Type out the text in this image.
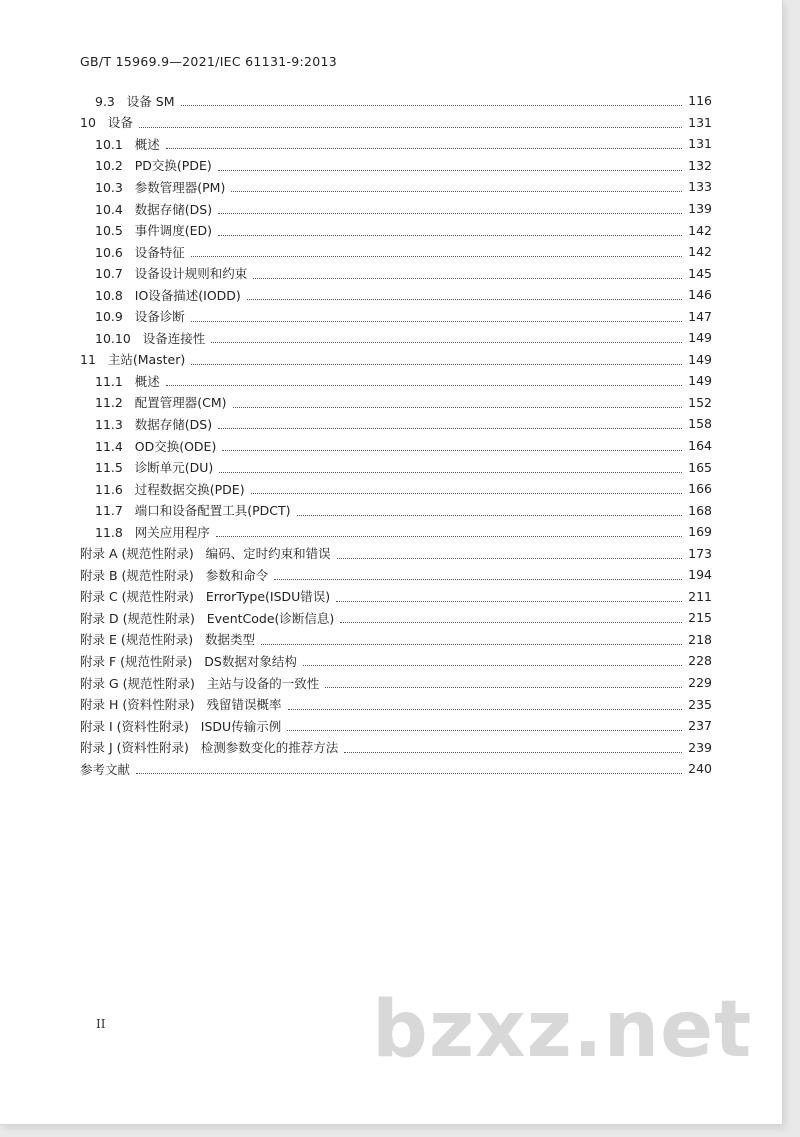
GB/T 15969.9—2021/IEC 61131-9:2013
9.3   设备 SM	116
10   设备	131
10.1   概述	131
10.2   PD交换(PDE)	132
10.3   参数管理器(PM)	133
10.4   数据存储(DS)	139
10.5   事件调度(ED)	142
10.6   设备特征	142
10.7   设备设计规则和约束	145
10.8   IO设备描述(IODD)	146
10.9   设备诊断	147
10.10   设备连接性	149
11   主站(Master)	149
11.1   概述	149
11.2   配置管理器(CM)	152
11.3   数据存储(DS)	158
11.4   OD交换(ODE)	164
11.5   诊断单元(DU)	165
11.6   过程数据交换(PDE)	166
11.7   端口和设备配置工具(PDCT)	168
11.8   网关应用程序	169
附录 A (规范性附录)   编码、定时约束和错误	173
附录 B (规范性附录)   参数和命令	194
附录 C (规范性附录)   ErrorType(ISDU错误)	211
附录 D (规范性附录)   EventCode(诊断信息)	215
附录 E (规范性附录)   数据类型	218
附录 F (规范性附录)   DS数据对象结构	228
附录 G (规范性附录)   主站与设备的一致性	229
附录 H (资料性附录)   残留错误概率	235
附录 I (资料性附录)   ISDU传输示例	237
附录 J (资料性附录)   检测参数变化的推荐方法	239
参考文献	240
II	bzxz.net
